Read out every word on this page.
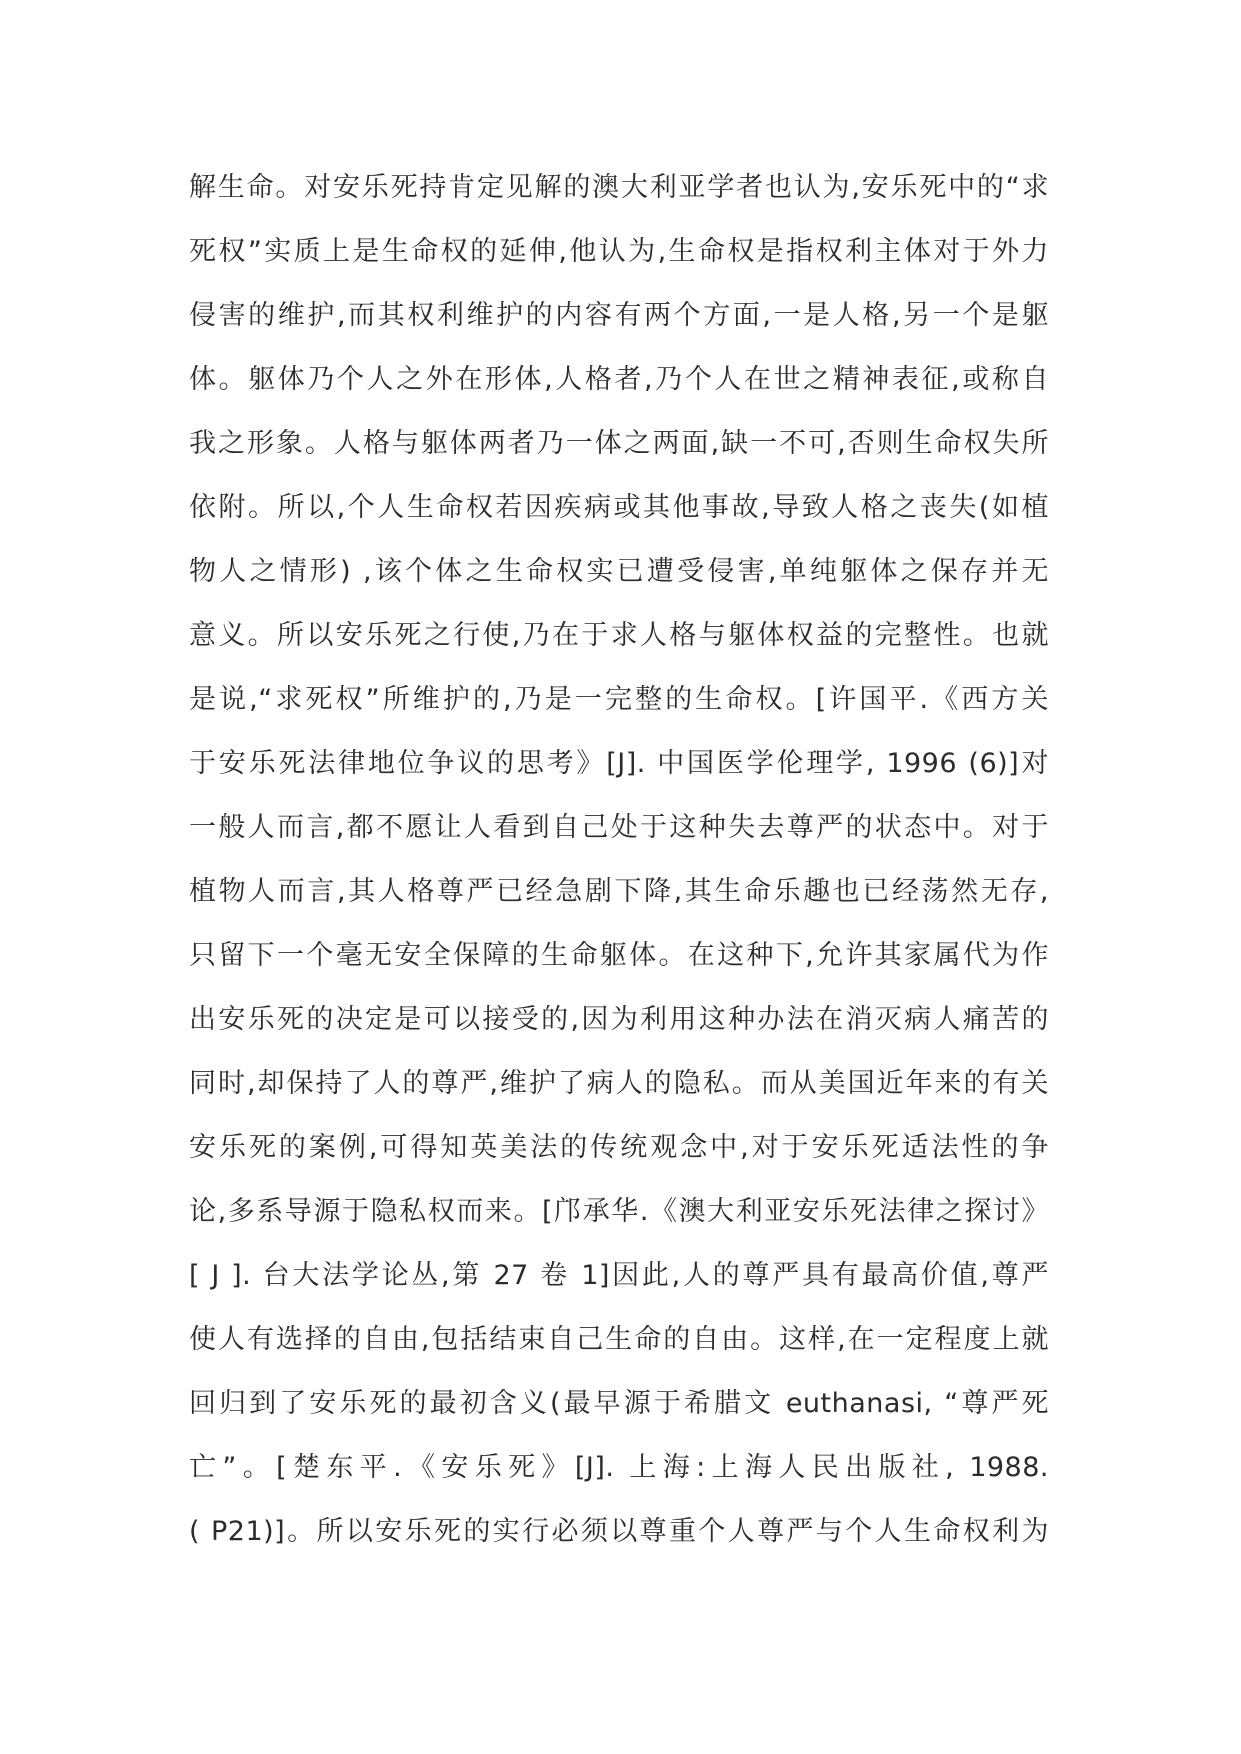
解生命。对安乐死持肯定见解的澳大利亚学者也认为,安乐死中的“求
死权”实质上是生命权的延伸,他认为,生命权是指权利主体对于外力
侵害的维护,而其权利维护的内容有两个方面,一是人格,另一个是躯
体。躯体乃个人之外在形体,人格者,乃个人在世之精神表征,或称自
我之形象。人格与躯体两者乃一体之两面,缺一不可,否则生命权失所
依附。所以,个人生命权若因疾病或其他事故,导致人格之丧失(如植
物人之情形) ,该个体之生命权实已遭受侵害,单纯躯体之保存并无
意义。所以安乐死之行使,乃在于求人格与躯体权益的完整性。也就
是说,“求死权”所维护的,乃是一完整的生命权。[许国平.《西方关
于安乐死法律地位争议的思考》[J]. 中国医学伦理学, 1996 (6)]对
一般人而言,都不愿让人看到自己处于这种失去尊严的状态中。对于
植物人而言,其人格尊严已经急剧下降,其生命乐趣也已经荡然无存,
只留下一个毫无安全保障的生命躯体。在这种下,允许其家属代为作
出安乐死的决定是可以接受的,因为利用这种办法在消灭病人痛苦的
同时,却保持了人的尊严,维护了病人的隐私。而从美国近年来的有关
安乐死的案例,可得知英美法的传统观念中,对于安乐死适法性的争
论,多系导源于隐私权而来。[邝承华.《澳大利亚安乐死法律之探讨》
[ J ]. 台大法学论丛,第 27 卷 1]因此,人的尊严具有最高价值,尊严
使人有选择的自由,包括结束自己生命的自由。这样,在一定程度上就
回归到了安乐死的最初含义(最早源于希腊文 euthanasi, “尊严死
亡”。[楚东平.《安乐死》[J]. 上海:上海人民出版社, 1988.
( P21)]。所以安乐死的实行必须以尊重个人尊严与个人生命权利为
